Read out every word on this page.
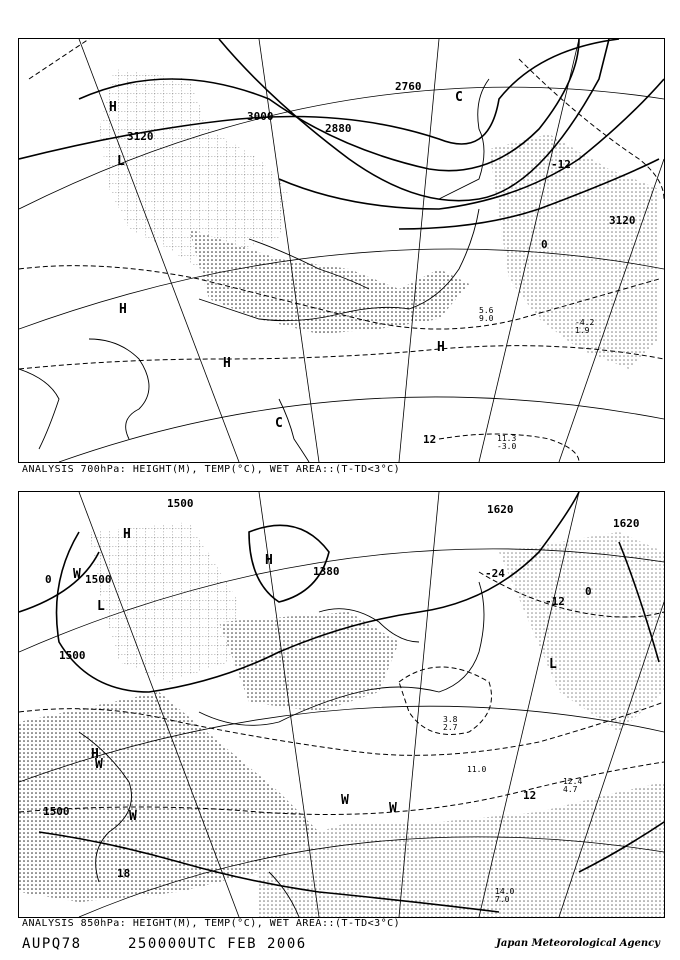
3000
2880
2760
3120
3120
-12
0
12
H
H
H
H
L
C
C
-4.2
1.9
5.6
9.0
11.3
-3.0
ANALYSIS 700hPa: HEIGHT(M), TEMP(°C), WET AREA::(T-TD<3°C)
1500
1500
1500
1500
1380
1620
1620
-24
-12
0
0
12
18
H
H
H
L
L
W
W
W
W
W
12.4
4.7
3.8
2.7
11.0
14.0
7.0
ANALYSIS 850hPa: HEIGHT(M), TEMP(°C), WET AREA::(T-TD<3°C)
AUPQ78	250000UTC FEB 2006	Japan Meteorological Agency
